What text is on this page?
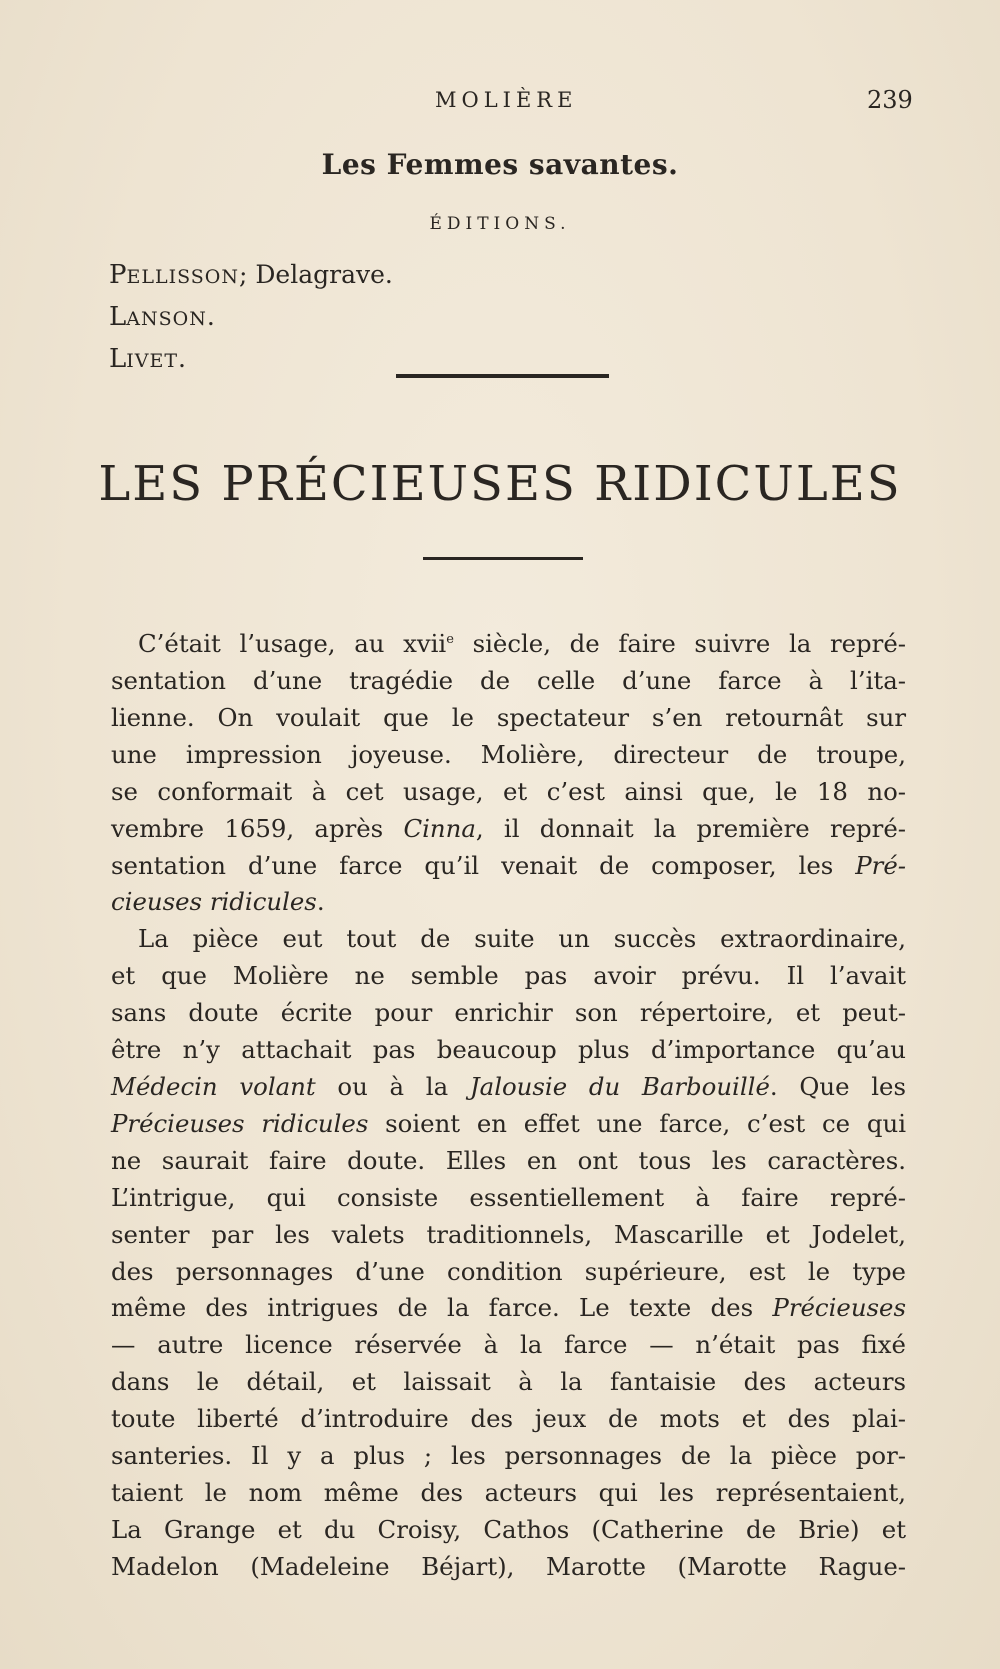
MOLIÈRE	239
Les Femmes savantes.
ÉDITIONS.
PELLISSON; Delagrave.
LANSON.
LIVET.
LES PRÉCIEUSES RIDICULES
C’était l’usage, au xvii$^e$ siècle, de faire suivre la repré-
sentation d’une tragédie de celle d’une farce à l’ita-
lienne. On voulait que le spectateur s’en retournât sur
une impression joyeuse. Molière, directeur de troupe,
se conformait à cet usage, et c’est ainsi que, le 18 no-
vembre 1659, après Cinna, il donnait la première repré-
sentation d’une farce qu’il venait de composer, les Pré-
cieuses ridicules.
La pièce eut tout de suite un succès extraordinaire,
et que Molière ne semble pas avoir prévu. Il l’avait
sans doute écrite pour enrichir son répertoire, et peut-
être n’y attachait pas beaucoup plus d’importance qu’au
Médecin volant ou à la Jalousie du Barbouillé. Que les
Précieuses ridicules soient en effet une farce, c’est ce qui
ne saurait faire doute. Elles en ont tous les caractères.
L’intrigue, qui consiste essentiellement à faire repré-
senter par les valets traditionnels, Mascarille et Jodelet,
des personnages d’une condition supérieure, est le type
même des intrigues de la farce. Le texte des Précieuses
— autre licence réservée à la farce — n’était pas fixé
dans le détail, et laissait à la fantaisie des acteurs
toute liberté d’introduire des jeux de mots et des plai-
santeries. Il y a plus ; les personnages de la pièce por-
taient le nom même des acteurs qui les représentaient,
La Grange et du Croisy, Cathos (Catherine de Brie) et
Madelon (Madeleine Béjart), Marotte (Marotte Rague-
